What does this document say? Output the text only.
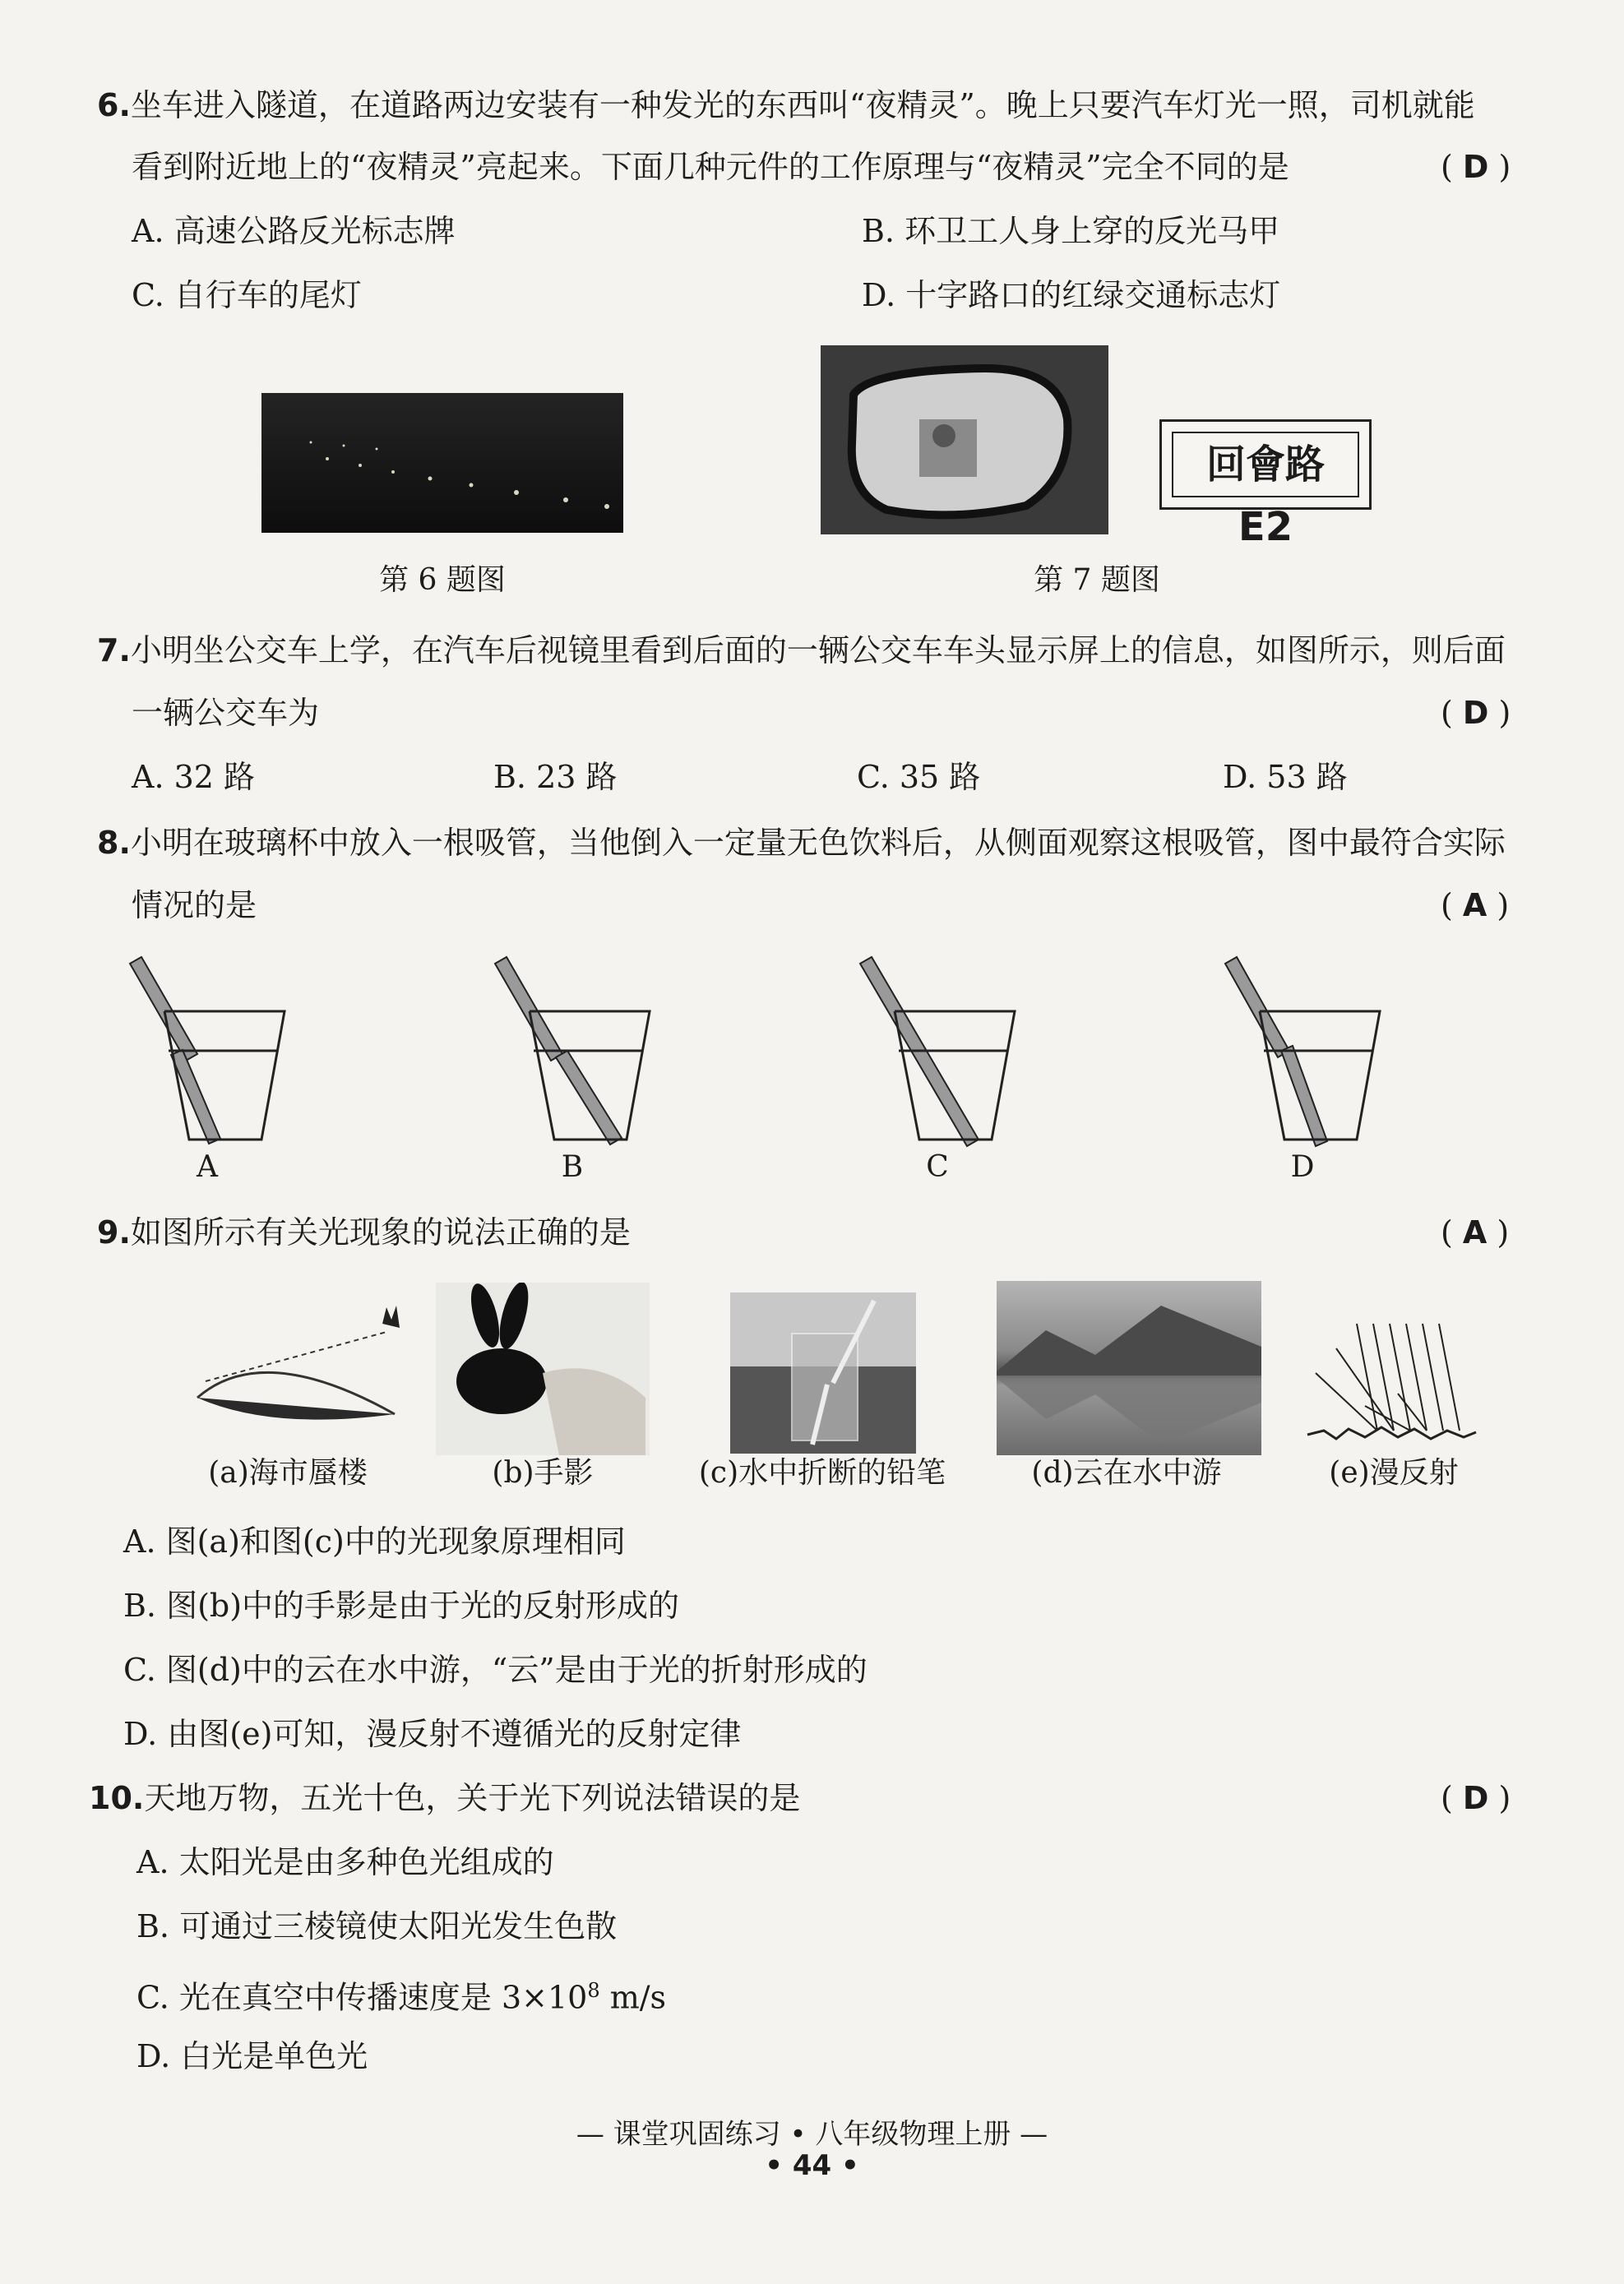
6.坐车进入隧道，在道路两边安装有一种发光的东西叫“夜精灵”。晚上只要汽车灯光一照，司机就能
看到附近地上的“夜精灵”亮起来。下面几种元件的工作原理与“夜精灵”完全不同的是	( D )
A. 高速公路反光标志牌	B. 环卫工人身上穿的反光马甲
C. 自行车的尾灯	D. 十字路口的红绿交通标志灯
第 6 题图
回會路 E2
第 7 题图
7.小明坐公交车上学，在汽车后视镜里看到后面的一辆公交车车头显示屏上的信息，如图所示，则后面
一辆公交车为	( D )
A. 32 路	B. 23 路	C. 35 路	D. 53 路
8.小明在玻璃杯中放入一根吸管，当他倒入一定量无色饮料后，从侧面观察这根吸管，图中最符合实际
情况的是	( A )
A	B	C	D
9.如图所示有关光现象的说法正确的是	( A )
(a)海市蜃楼	(b)手影	(c)水中折断的铅笔	(d)云在水中游	(e)漫反射
A. 图(a)和图(c)中的光现象原理相同
B. 图(b)中的手影是由于光的反射形成的
C. 图(d)中的云在水中游，“云”是由于光的折射形成的
D. 由图(e)可知，漫反射不遵循光的反射定律
10.天地万物，五光十色，关于光下列说法错误的是	( D )
A. 太阳光是由多种色光组成的
B. 可通过三棱镜使太阳光发生色散
C. 光在真空中传播速度是 $3\times 10^8$ m/s
D. 白光是单色光
— 课堂巩固练习 • 八年级物理上册 —
• 44 •
